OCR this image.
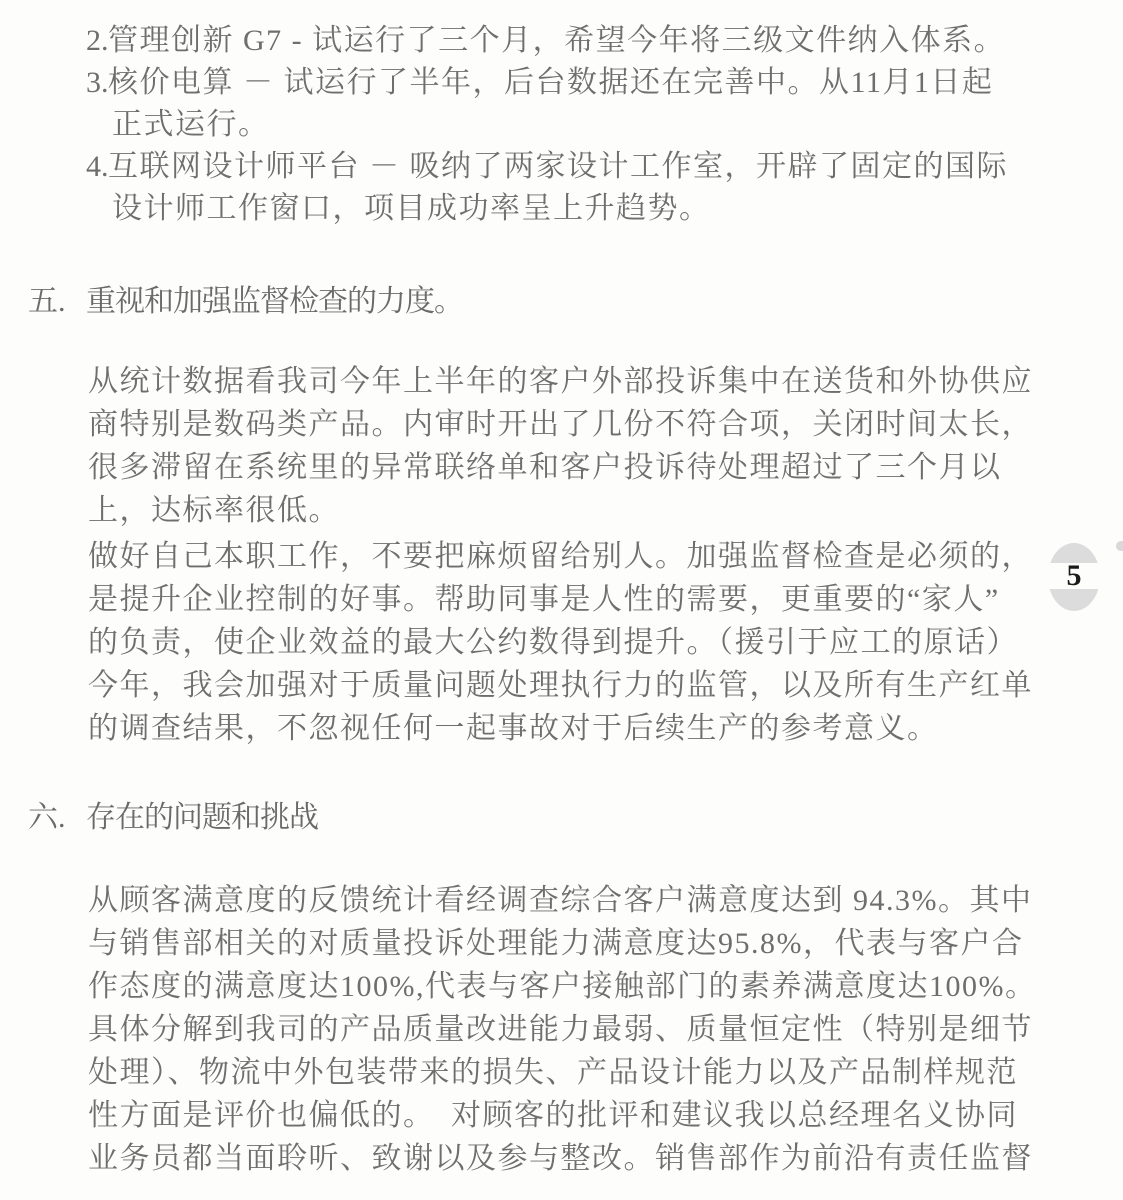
2.管理创新 G7 - 试运行了三个月，希望今年将三级文件纳入体系。
3.核价电算 － 试运行了半年，后台数据还在完善中。从11月1日起
正式运行。
4.互联网设计师平台 － 吸纳了两家设计工作室，开辟了固定的国际
设计师工作窗口，项目成功率呈上升趋势。
五. 重视和加强监督检查的力度。
从统计数据看我司今年上半年的客户外部投诉集中在送货和外协供应
商特别是数码类产品。内审时开出了几份不符合项，关闭时间太长，
很多滞留在系统里的异常联络单和客户投诉待处理超过了三个月以
上，达标率很低。
做好自己本职工作，不要把麻烦留给别人。加强监督检查是必须的，
是提升企业控制的好事。帮助同事是人性的需要，更重要的“家人”
的负责，使企业效益的最大公约数得到提升。（援引于应工的原话）
今年，我会加强对于质量问题处理执行力的监管，以及所有生产红单
的调查结果，不忽视任何一起事故对于后续生产的参考意义。
六. 存在的问题和挑战
从顾客满意度的反馈统计看经调查综合客户满意度达到 94.3%。其中
与销售部相关的对质量投诉处理能力满意度达95.8%，代表与客户合
作态度的满意度达100%,代表与客户接触部门的素养满意度达100%。
具体分解到我司的产品质量改进能力最弱、质量恒定性（特别是细节
处理）、物流中外包装带来的损失、产品设计能力以及产品制样规范
性方面是评价也偏低的。　对顾客的批评和建议我以总经理名义协同
业务员都当面聆听、致谢以及参与整改。销售部作为前沿有责任监督
5
